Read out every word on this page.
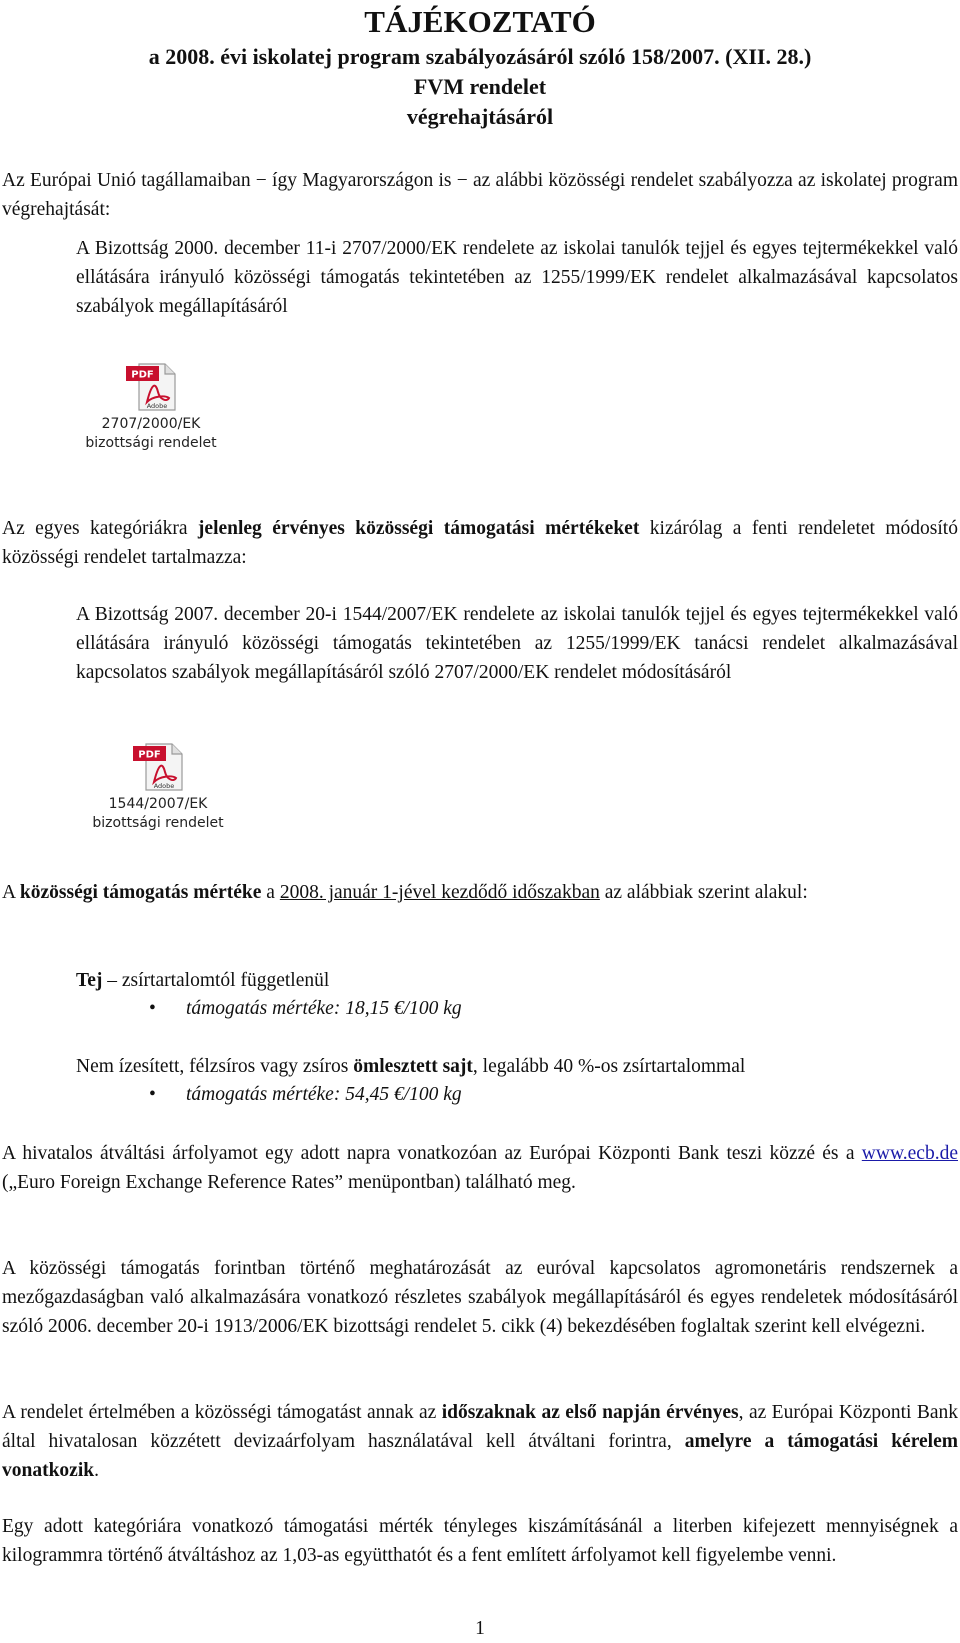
TÁJÉKOZTATÓ
a 2008. évi iskolatej program szabályozásáról szóló 158/2007. (XII. 28.)
FVM rendelet
végrehajtásáról

Az Európai Unió tagállamaiban − így Magyarországon is − az alábbi közösségi rendelet szabályozza az iskolatej program végrehajtását:

A Bizottság 2000. december 11-i 2707/2000/EK rendelete az iskolai tanulók tejjel és egyes tejtermékekkel való ellátására irányuló közösségi támogatás tekintetében az 1255/1999/EK rendelet alkalmazásával kapcsolatos szabályok megállapításáról

PDF
Adobe
2707/2000/EK
bizottsági rendelet

Az egyes kategóriákra jelenleg érvényes közösségi támogatási mértékeket kizárólag a fenti rendeletet módosító közösségi rendelet tartalmazza:

A Bizottság 2007. december 20-i 1544/2007/EK rendelete az iskolai tanulók tejjel és egyes tejtermékekkel való ellátására irányuló közösségi támogatás tekintetében az 1255/1999/EK tanácsi rendelet alkalmazásával kapcsolatos szabályok megállapításáról szóló 2707/2000/EK rendelet módosításáról

PDF
Adobe
1544/2007/EK
bizottsági rendelet

A közösségi támogatás mértéke a 2008. január 1-jével kezdődő időszakban az alábbiak szerint alakul:

Tej – zsírtartalomtól függetlenül

• támogatás mértéke: 18,15 €/100 kg

Nem ízesített, félzsíros vagy zsíros ömlesztett sajt, legalább 40 %-os zsírtartalommal

• támogatás mértéke: 54,45 €/100 kg

A hivatalos átváltási árfolyamot egy adott napra vonatkozóan az Európai Központi Bank teszi közzé és a www.ecb.de („Euro Foreign Exchange Reference Rates” menüpontban) található meg.

A közösségi támogatás forintban történő meghatározását az euróval kapcsolatos agromonetáris rendszernek a mezőgazdaságban való alkalmazására vonatkozó részletes szabályok megállapításáról és egyes rendeletek módosításáról szóló 2006. december 20-i 1913/2006/EK bizottsági rendelet 5. cikk (4) bekezdésében foglaltak szerint kell elvégezni.

A rendelet értelmében a közösségi támogatást annak az időszaknak az első napján érvényes, az Európai Központi Bank által hivatalosan közzétett devizaárfolyam használatával kell átváltani forintra, amelyre a támogatási kérelem vonatkozik.

Egy adott kategóriára vonatkozó támogatási mérték tényleges kiszámításánál a literben kifejezett mennyiségnek a kilogrammra történő átváltáshoz az 1,03-as együtthatót és a fent említett árfolyamot kell figyelembe venni.

1
